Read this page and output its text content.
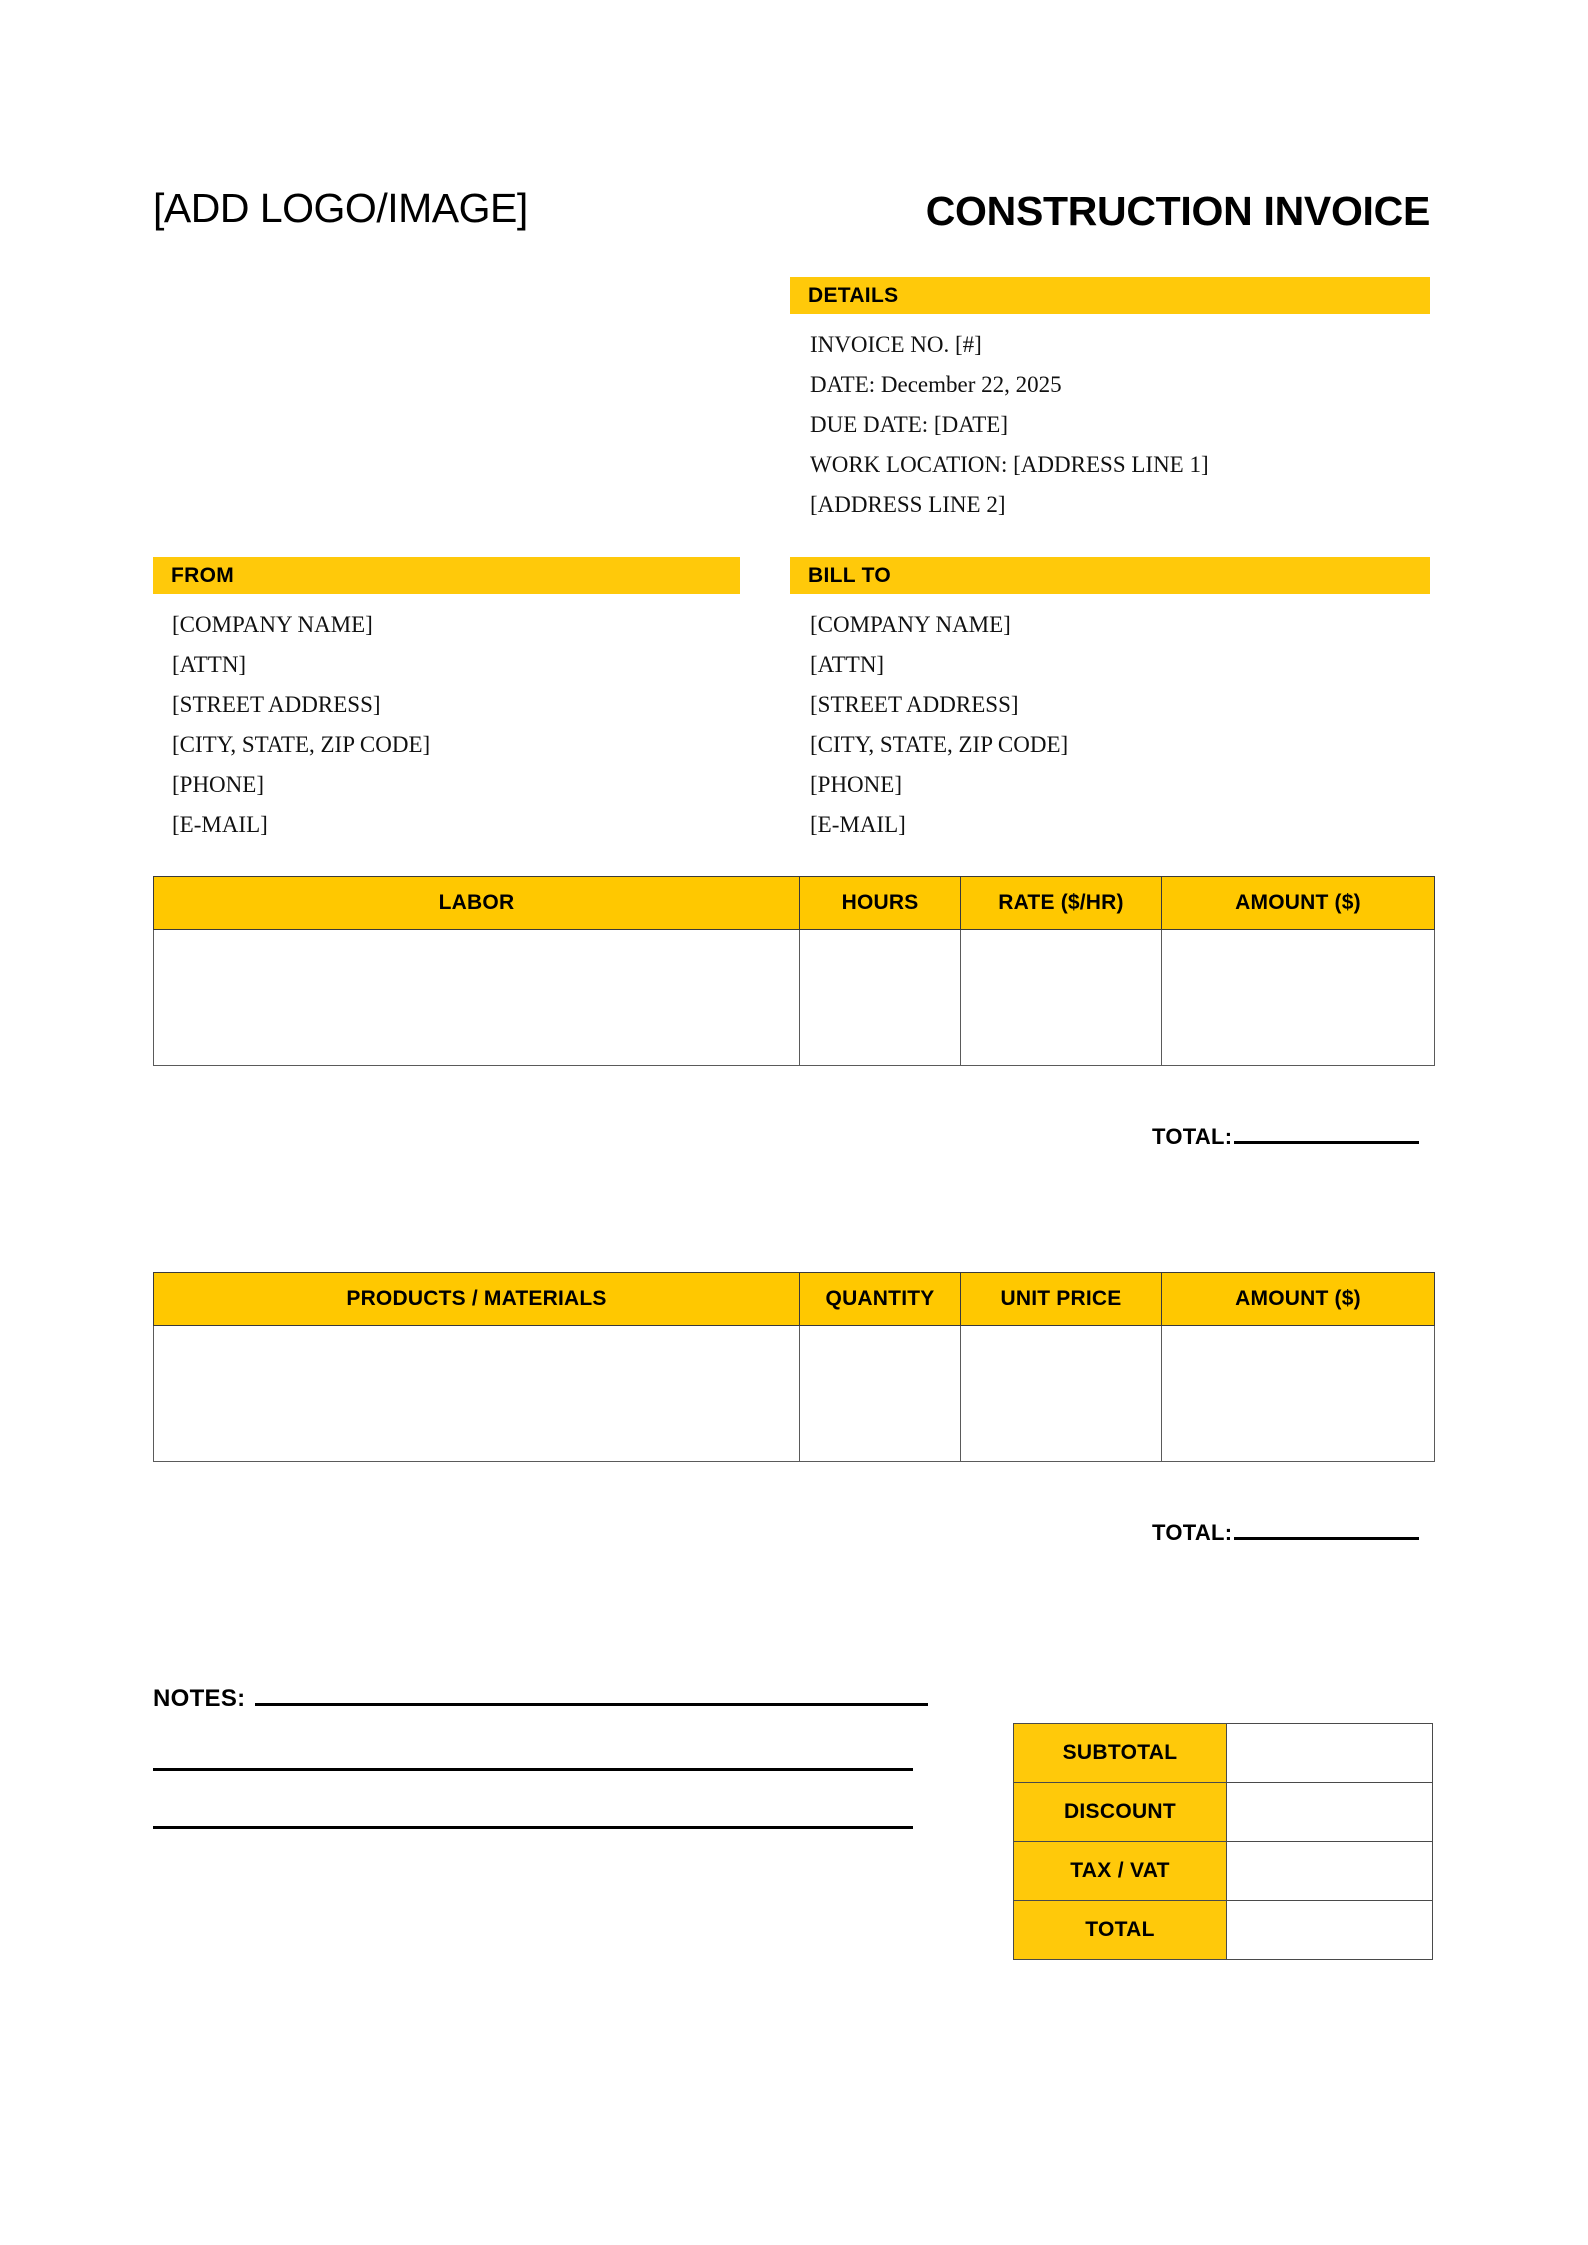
[ADD LOGO/IMAGE]	CONSTRUCTION INVOICE
DETAILS
INVOICE NO. [#]
DATE: December 22, 2025
DUE DATE: [DATE]
WORK LOCATION: [ADDRESS LINE 1]
[ADDRESS LINE 2]
FROM
[COMPANY NAME]
[ATTN]
[STREET ADDRESS]
[CITY, STATE, ZIP CODE]
[PHONE]
[E-MAIL]
BILL TO
[COMPANY NAME]
[ATTN]
[STREET ADDRESS]
[CITY, STATE, ZIP CODE]
[PHONE]
[E-MAIL]
LABOR	HOURS	RATE ($/HR)	AMOUNT ($)

TOTAL:
PRODUCTS / MATERIALS	QUANTITY	UNIT PRICE	AMOUNT ($)

TOTAL:
NOTES:
SUBTOTAL	
DISCOUNT	
TAX / VAT	
TOTAL	
